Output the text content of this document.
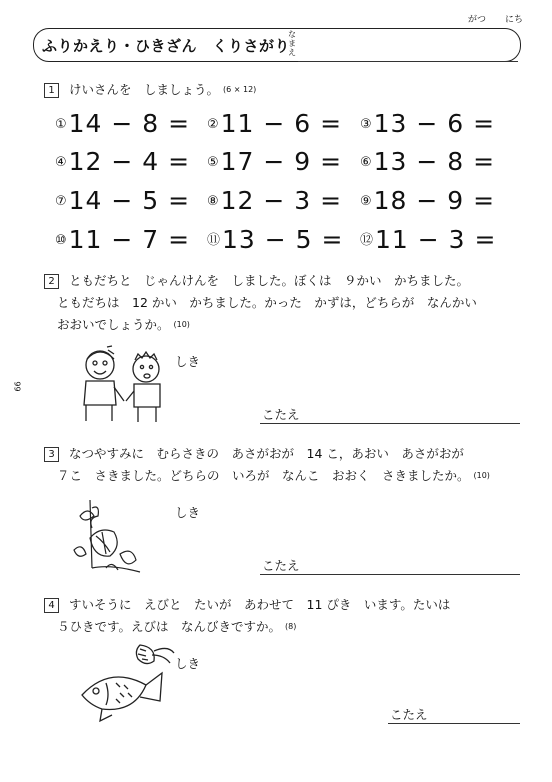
がつ にち
ふりかえり・ひきざん　くりさがり
な
ま
え
99
1 けいさんを　しましょう。 (6 × 12)
①14 − 8 = ②11 − 6 = ③13 − 6 =
④12 − 4 = ⑤17 − 9 = ⑥13 − 8 =
⑦14 − 5 = ⑧12 − 3 = ⑨18 − 9 =
⑩11 − 7 = ⑪13 − 5 = ⑫11 − 3 =
2 ともだちと　じゃんけんを　しました。ぼくは　９かい　かちました。
ともだちは　12 かい　かちました。かった　かずは，どちらが　なんかい
おおいでしょうか。 (10)
しき
こたえ
3 なつやすみに　むらさきの　あさがおが　14 こ，あおい　あさがおが
７こ　さきました。どちらの　いろが　なんこ　おおく　さきましたか。 (10)
しき
こたえ
4 すいそうに　えびと　たいが　あわせて　11 ぴき　います。たいは
５ひきです。えびは　なんびきですか。 (8)
しき
こたえ
